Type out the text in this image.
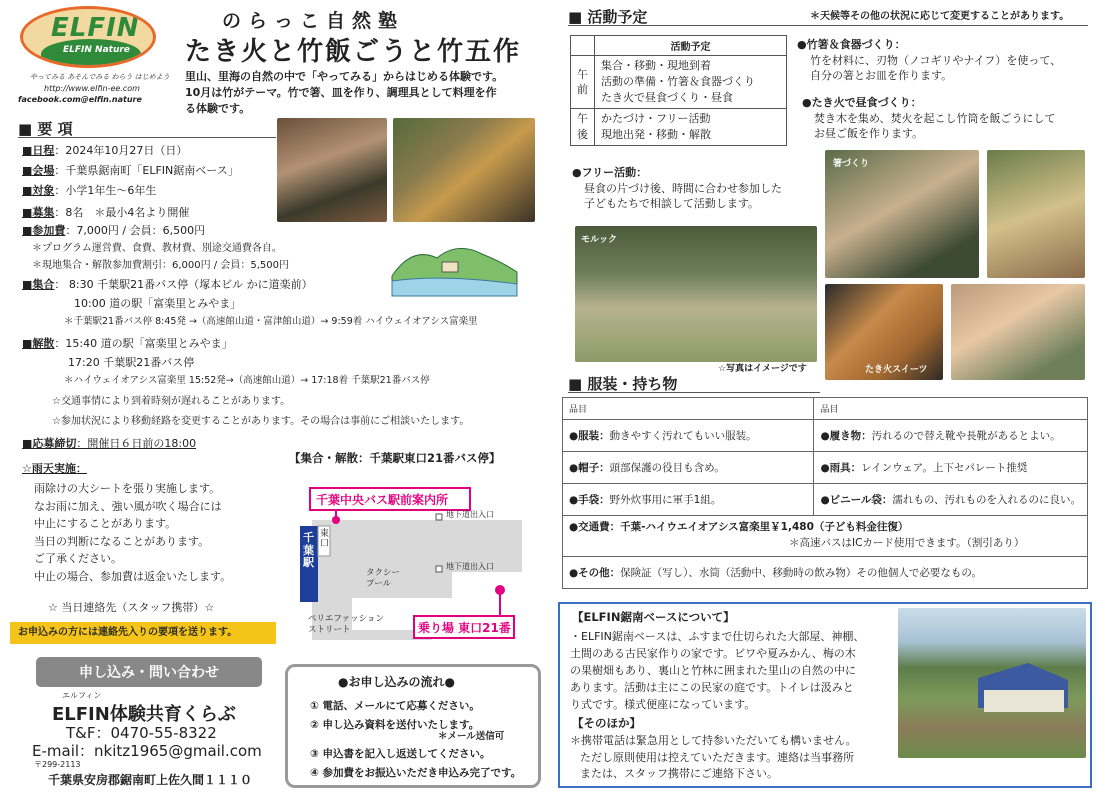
ELFIN
ELFIN Nature
やってみる あそんでみる わらう はじめよう
http://www.elfin-ee.com
facebook.com@elfin.nature
のらっこ自然塾
たき火と竹飯ごうと竹五作
里山、里海の自然の中で「やってみる」からはじめる体験です。
10月は竹がテーマ。竹で箸、皿を作り、調理具として料理を作
る体験です。
■ 要 項
■日程：2024年10月27日（日）
■会場：千葉県鋸南町「ELFIN鋸南ベース」
■対象：小学1年生～6年生
■募集：8名　＊最小4名より開催
■参加費：7,000円 / 会員：6,500円
＊プログラム運営費、食費、教材費、別途交通費各自。
＊現地集合・解散参加費割引：6,000円 / 会員：5,500円
■集合： 8:30 千葉駅21番バス停（塚本ビル かに道楽前）
10:00 道の駅「富楽里とみやま」
＊千葉駅21番バス停 8:45発 →（高速館山道・富津館山道）→ 9:59着 ハイウェイオアシス富楽里
■解散：15:40 道の駅「富楽里とみやま」
17:20 千葉駅21番バス停
＊ハイウェイオアシス富楽里 15:52発→（高速館山道）→ 17:18着 千葉駅21番バス停
☆交通事情により到着時刻が遅れることがあります。
☆参加状況により移動経路を変更することがあります。その場合は事前にご相談いたします。
■応募締切：開催日６日前の18:00
☆雨天実施：
雨除けの大シートを張り実施します。
なお雨に加え、強い風が吹く場合には
中止にすることがあります。
当日の判断になることがあります。
ご了承ください。
中止の場合、参加費は返金いたします。
☆ 当日連絡先（スタッフ携帯）☆
お申込みの方には連絡先入りの要項を送ります。
【集合・解散：千葉駅東口21番バス停】
千葉中央バス駅前案内所
千葉駅
東口
地下道出入口
地下道出入口
タクシープール
ペリエファッションストリート	乗り場 東口21番
申し込み・問い合わせ
エルフィン
ELFIN体験共育くらぶ
T&F：0470-55-8322
E-mail：nkitz1965@gmail.com
〒299-2113
千葉県安房郡鋸南町上佐久間１１１０
●お申し込みの流れ●
① 電話、メールにて応募ください。
② 申し込み資料を送付いたします。
＊メール送信可
③ 申込書を記入し返送してください。
④ 参加費をお振込いただき申込み完了です。
■ 活動予定	＊天候等その他の状況に応じて変更することがあります。
	活動予定
午前	集合・移動・現地到着
活動の準備・竹箸＆食器づくり
たき火で昼食づくり・昼食

午後	かたづけ・フリー活動
現地出発・移動・解散
●竹箸＆食器づくり：
竹を材料に、刃物（ノコギリやナイフ）を使って、
自分の箸とお皿を作ります。
●たき火で昼食づくり：
焚き木を集め、焚火を起こし竹筒を飯ごうにして
お昼ご飯を作ります。
●フリー活動：
昼食の片づけ後、時間に合わせ参加した
子どもたちで相談して活動します。
モルック
☆写真はイメージです
箸づくり
たき火スイーツ
■ 服装・持ち物
品目	品目
●服装：動きやすく汚れてもいい服装。	●履き物：汚れるので替え靴や長靴があるとよい。
●帽子：頭部保護の役目も含め。	●雨具：レインウェア。上下セパレート推奨
●手袋：野外炊事用に軍手1組。	●ビニール袋：濡れもの、汚れものを入れるのに良い。
●交通費：千葉-ハイウエイオアシス富楽里￥1,480（子ども料金往復）
＊高速バスはICカード使用できます。（割引あり）	
●その他：保険証（写し）、水筒（活動中、移動時の飲み物）その他個人で必要なもの。	
【ELFIN鋸南ベースについて】
・ELFIN鋸南ベースは、ふすまで仕切られた大部屋、神棚、
土間のある古民家作りの家です。ビワや夏みかん、梅の木
の果樹畑もあり、裏山と竹林に囲まれた里山の自然の中に
あります。活動は主にこの民家の庭です。トイレは汲みと
り式です。様式便座になっています。
【そのほか】
＊携帯電話は緊急用として持参いただいても構いません。
ただし原則使用は控えていただきます。連絡は当事務所
または、スタッフ携帯にご連絡下さい。
